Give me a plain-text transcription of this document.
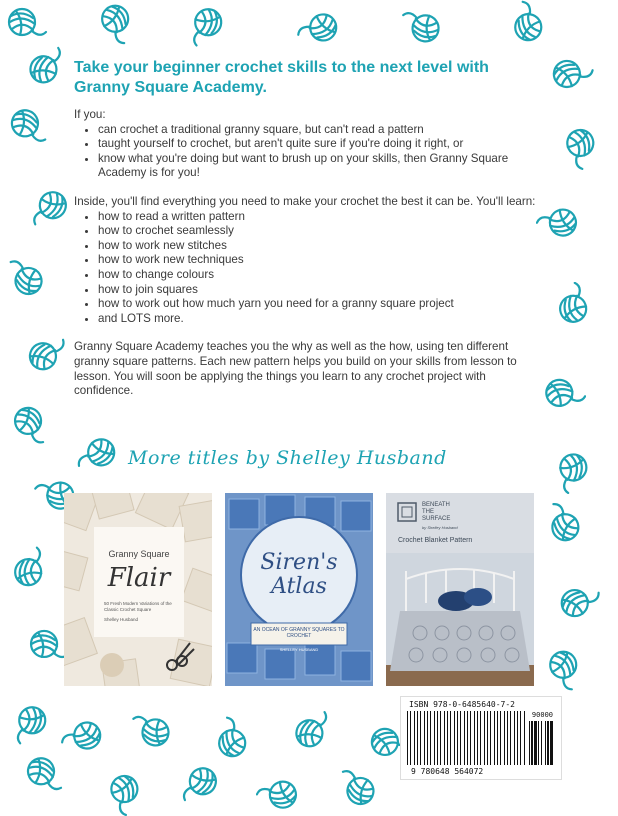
Take your beginner crochet skills to the next level with
Granny Square Academy.

If you:

• can crochet a traditional granny square, but can't read a pattern
• taught yourself to crochet, but aren't quite sure if you're doing it right, or
• know what you're doing but want to brush up on your skills, then Granny Square Academy is for you!

Inside, you'll find everything you need to make your crochet the best it can be. You'll learn:

• how to read a written pattern
• how to crochet seamlessly
• how to work new stitches
• how to work new techniques
• how to change colours
• how to join squares
• how to work out how much yarn you need for a granny square project
• and LOTS more.

Granny Square Academy teaches you the why as well as the how, using ten different granny square patterns. Each new pattern helps you build on your skills from lesson to lesson. You will soon be applying the things you learn to any crochet project with confidence.

More titles by Shelley Husband
Granny Square
Flair
50 Fresh Modern Variations of the Classic Crochet Square
Shelley Husband
Siren's Atlas
AN OCEAN OF GRANNY SQUARES TO CROCHET
SHELLEY HUSBAND
BENEATH
THE
SURFACE
by Shelley Husband
Crochet Blanket Pattern
ISBN 978-0-6485640-7-2
90000
9 780648 564072
